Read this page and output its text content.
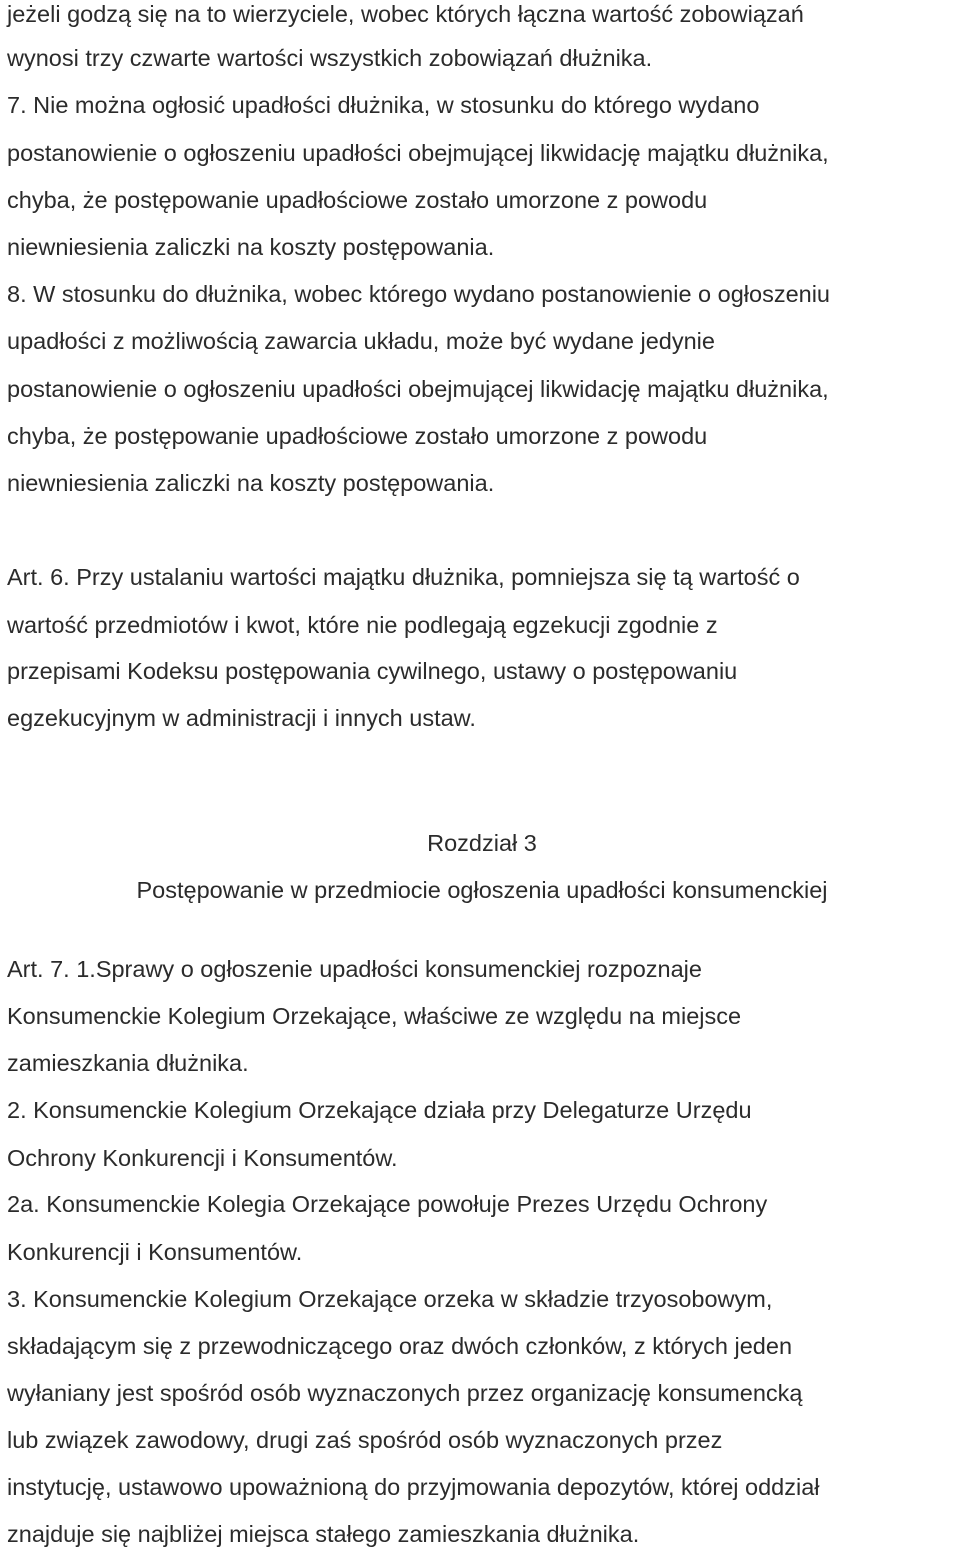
jeżeli godzą się na to wierzyciele, wobec których łączna wartość zobowiązań
wynosi trzy czwarte wartości wszystkich zobowiązań dłużnika.
7. Nie można ogłosić upadłości dłużnika, w stosunku do którego wydano
postanowienie o ogłoszeniu upadłości obejmującej likwidację majątku dłużnika,
chyba, że postępowanie upadłościowe zostało umorzone z powodu
niewniesienia zaliczki na koszty postępowania.
8. W stosunku do dłużnika, wobec którego wydano postanowienie o ogłoszeniu
upadłości z możliwością zawarcia układu, może być wydane jedynie
postanowienie o ogłoszeniu upadłości obejmującej likwidację majątku dłużnika,
chyba, że postępowanie upadłościowe zostało umorzone z powodu
niewniesienia zaliczki na koszty postępowania.
Art. 6. Przy ustalaniu wartości majątku dłużnika, pomniejsza się tą wartość o
wartość przedmiotów i kwot, które nie podlegają egzekucji zgodnie z
przepisami Kodeksu postępowania cywilnego, ustawy o postępowaniu
egzekucyjnym w administracji i innych ustaw.
Rozdział 3
Postępowanie w przedmiocie ogłoszenia upadłości konsumenckiej
Art. 7. 1.Sprawy o ogłoszenie upadłości konsumenckiej rozpoznaje
Konsumenckie Kolegium Orzekające, właściwe ze względu na miejsce
zamieszkania dłużnika.
2. Konsumenckie Kolegium Orzekające działa przy Delegaturze Urzędu
Ochrony Konkurencji i Konsumentów.
2a. Konsumenckie Kolegia Orzekające powołuje Prezes Urzędu Ochrony
Konkurencji i Konsumentów.
3. Konsumenckie Kolegium Orzekające orzeka w składzie trzyosobowym,
składającym się z przewodniczącego oraz dwóch członków, z których jeden
wyłaniany jest spośród osób wyznaczonych przez organizację konsumencką
lub związek zawodowy, drugi zaś spośród osób wyznaczonych przez
instytucję, ustawowo upoważnioną do przyjmowania depozytów, której oddział
znajduje się najbliżej miejsca stałego zamieszkania dłużnika.
